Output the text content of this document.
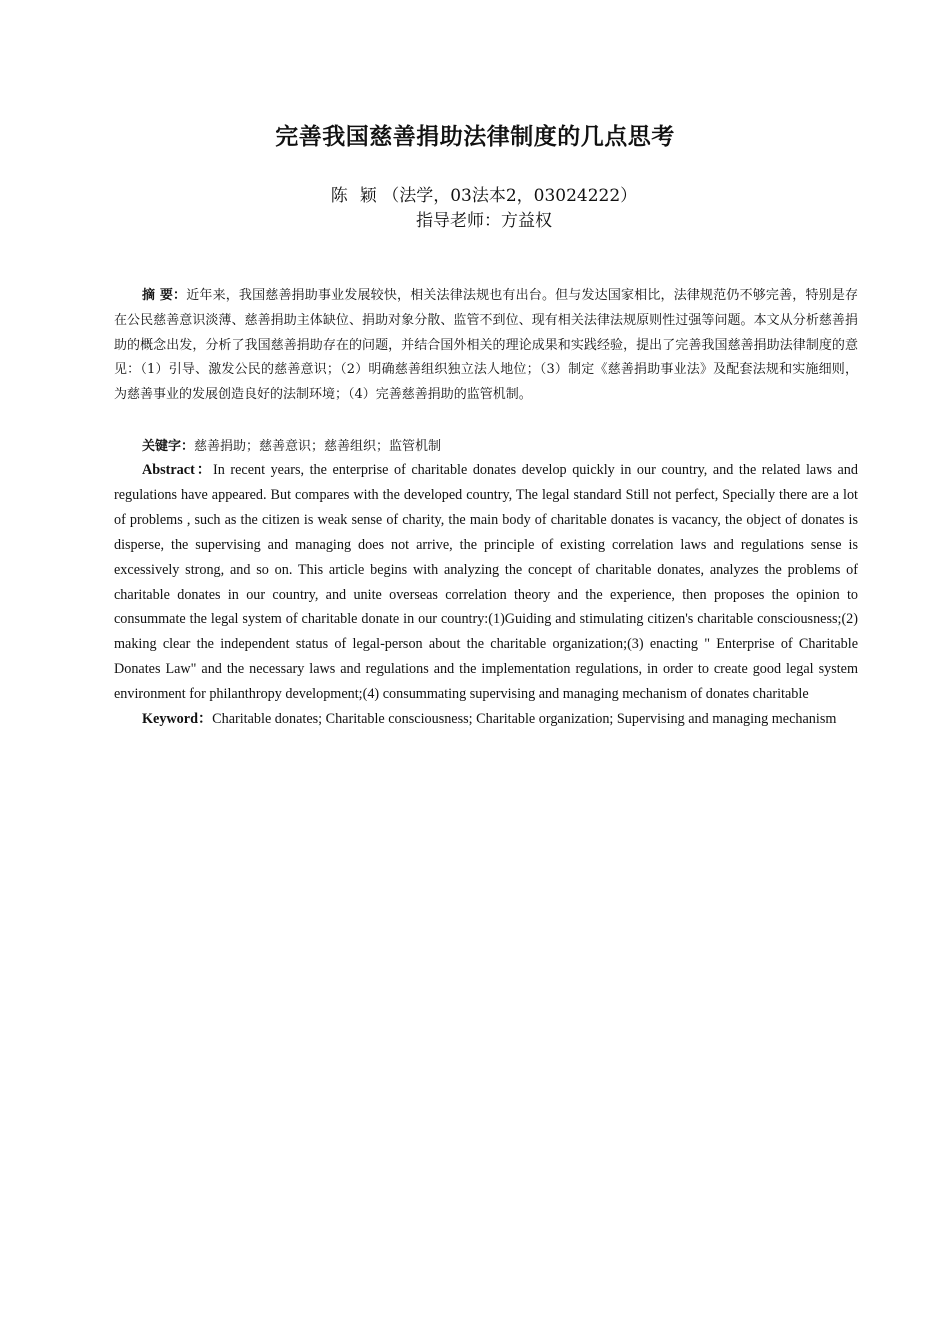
完善我国慈善捐助法律制度的几点思考
陈 颖 （法学，03法本2，03024222）
指导老师：方益权

摘 要：近年来，我国慈善捐助事业发展较快，相关法律法规也有出台。但与发达国家相比，法律规范仍不够完善，特别是存在公民慈善意识淡薄、慈善捐助主体缺位、捐助对象分散、监管不到位、现有相关法律法规原则性过强等问题。本文从分析慈善捐助的概念出发，分析了我国慈善捐助存在的问题，并结合国外相关的理论成果和实践经验，提出了完善我国慈善捐助法律制度的意见：（1）引导、激发公民的慈善意识；（2）明确慈善组织独立法人地位；（3）制定《慈善捐助事业法》及配套法规和实施细则，为慈善事业的发展创造良好的法制环境；（4）完善慈善捐助的监管机制。

关键字：慈善捐助；慈善意识；慈善组织；监管机制

Abstract：In recent years, the enterprise of charitable donates develop quickly in our country, and the related laws and regulations have appeared. But compares with the developed country, The legal standard Still not perfect, Specially there are a lot of problems , such as the citizen is weak sense of charity, the main body of charitable donates is vacancy, the object of donates is disperse, the supervising and managing does not arrive, the principle of existing correlation laws and regulations sense is excessively strong, and so on. This article begins with analyzing the concept of charitable donates, analyzes the problems of charitable donates in our country, and unite overseas correlation theory and the experience, then proposes the opinion to consummate the legal system of charitable donate in our country:(1)Guiding and stimulating citizen's charitable consciousness;(2) making clear the independent status of legal-person about the charitable organization;(3) enacting " Enterprise of Charitable Donates Law" and the necessary laws and regulations and the implementation regulations, in order to create good legal system environment for philanthropy development;(4) consummating supervising and managing mechanism of donates charitable

Keyword：Charitable donates; Charitable consciousness; Charitable organization; Supervising and managing mechanism
